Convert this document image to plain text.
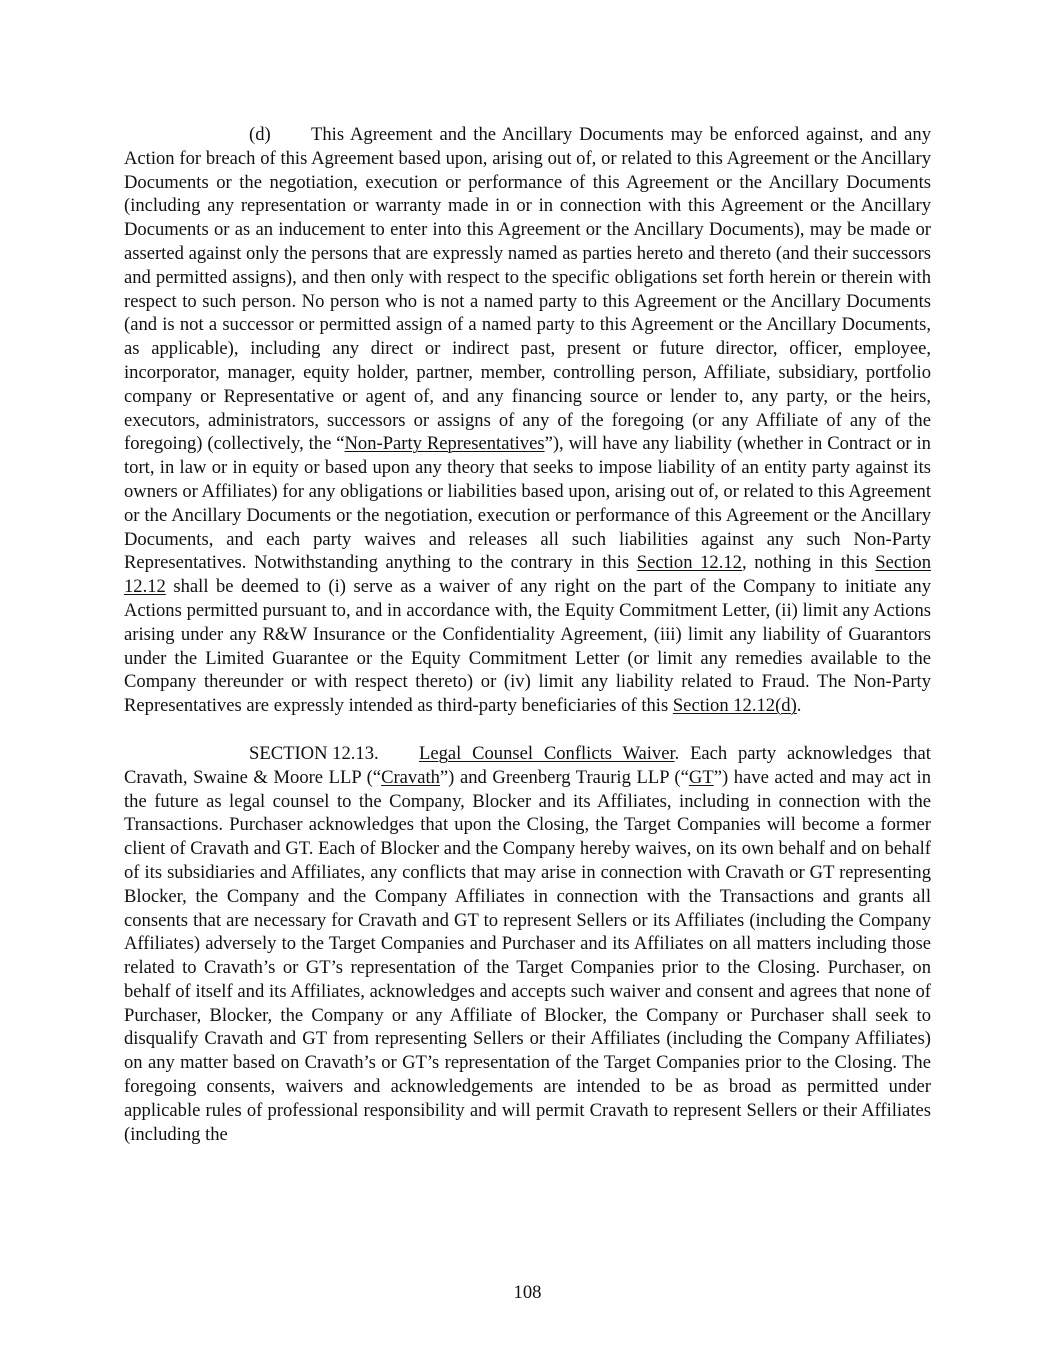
(d) This Agreement and the Ancillary Documents may be enforced against, and any Action for breach of this Agreement based upon, arising out of, or related to this Agreement or the Ancillary Documents or the negotiation, execution or performance of this Agreement or the Ancillary Documents (including any representation or warranty made in or in connection with this Agreement or the Ancillary Documents or as an inducement to enter into this Agreement or the Ancillary Documents), may be made or asserted against only the persons that are expressly named as parties hereto and thereto (and their successors and permitted assigns), and then only with respect to the specific obligations set forth herein or therein with respect to such person. No person who is not a named party to this Agreement or the Ancillary Documents (and is not a successor or permitted assign of a named party to this Agreement or the Ancillary Documents, as applicable), including any direct or indirect past, present or future director, officer, employee, incorporator, manager, equity holder, partner, member, controlling person, Affiliate, subsidiary, portfolio company or Representative or agent of, and any financing source or lender to, any party, or the heirs, executors, administrators, successors or assigns of any of the foregoing (or any Affiliate of any of the foregoing) (collectively, the “Non-Party Representatives”), will have any liability (whether in Contract or in tort, in law or in equity or based upon any theory that seeks to impose liability of an entity party against its owners or Affiliates) for any obligations or liabilities based upon, arising out of, or related to this Agreement or the Ancillary Documents or the negotiation, execution or performance of this Agreement or the Ancillary Documents, and each party waives and releases all such liabilities against any such Non-Party Representatives. Notwithstanding anything to the contrary in this Section 12.12, nothing in this Section 12.12 shall be deemed to (i) serve as a waiver of any right on the part of the Company to initiate any Actions permitted pursuant to, and in accordance with, the Equity Commitment Letter, (ii) limit any Actions arising under any R&W Insurance or the Confidentiality Agreement, (iii) limit any liability of Guarantors under the Limited Guarantee or the Equity Commitment Letter (or limit any remedies available to the Company thereunder or with respect thereto) or (iv) limit any liability related to Fraud. The Non-Party Representatives are expressly intended as third-party beneficiaries of this Section 12.12(d).

SECTION 12.13. Legal Counsel Conflicts Waiver. Each party acknowledges that Cravath, Swaine & Moore LLP (“Cravath”) and Greenberg Traurig LLP (“GT”) have acted and may act in the future as legal counsel to the Company, Blocker and its Affiliates, including in connection with the Transactions. Purchaser acknowledges that upon the Closing, the Target Companies will become a former client of Cravath and GT. Each of Blocker and the Company hereby waives, on its own behalf and on behalf of its subsidiaries and Affiliates, any conflicts that may arise in connection with Cravath or GT representing Blocker, the Company and the Company Affiliates in connection with the Transactions and grants all consents that are necessary for Cravath and GT to represent Sellers or its Affiliates (including the Company Affiliates) adversely to the Target Companies and Purchaser and its Affiliates on all matters including those related to Cravath’s or GT’s representation of the Target Companies prior to the Closing. Purchaser, on behalf of itself and its Affiliates, acknowledges and accepts such waiver and consent and agrees that none of Purchaser, Blocker, the Company or any Affiliate of Blocker, the Company or Purchaser shall seek to disqualify Cravath and GT from representing Sellers or their Affiliates (including the Company Affiliates) on any matter based on Cravath’s or GT’s representation of the Target Companies prior to the Closing. The foregoing consents, waivers and acknowledgements are intended to be as broad as permitted under applicable rules of professional responsibility and will permit Cravath to represent Sellers or their Affiliates (including the

108
